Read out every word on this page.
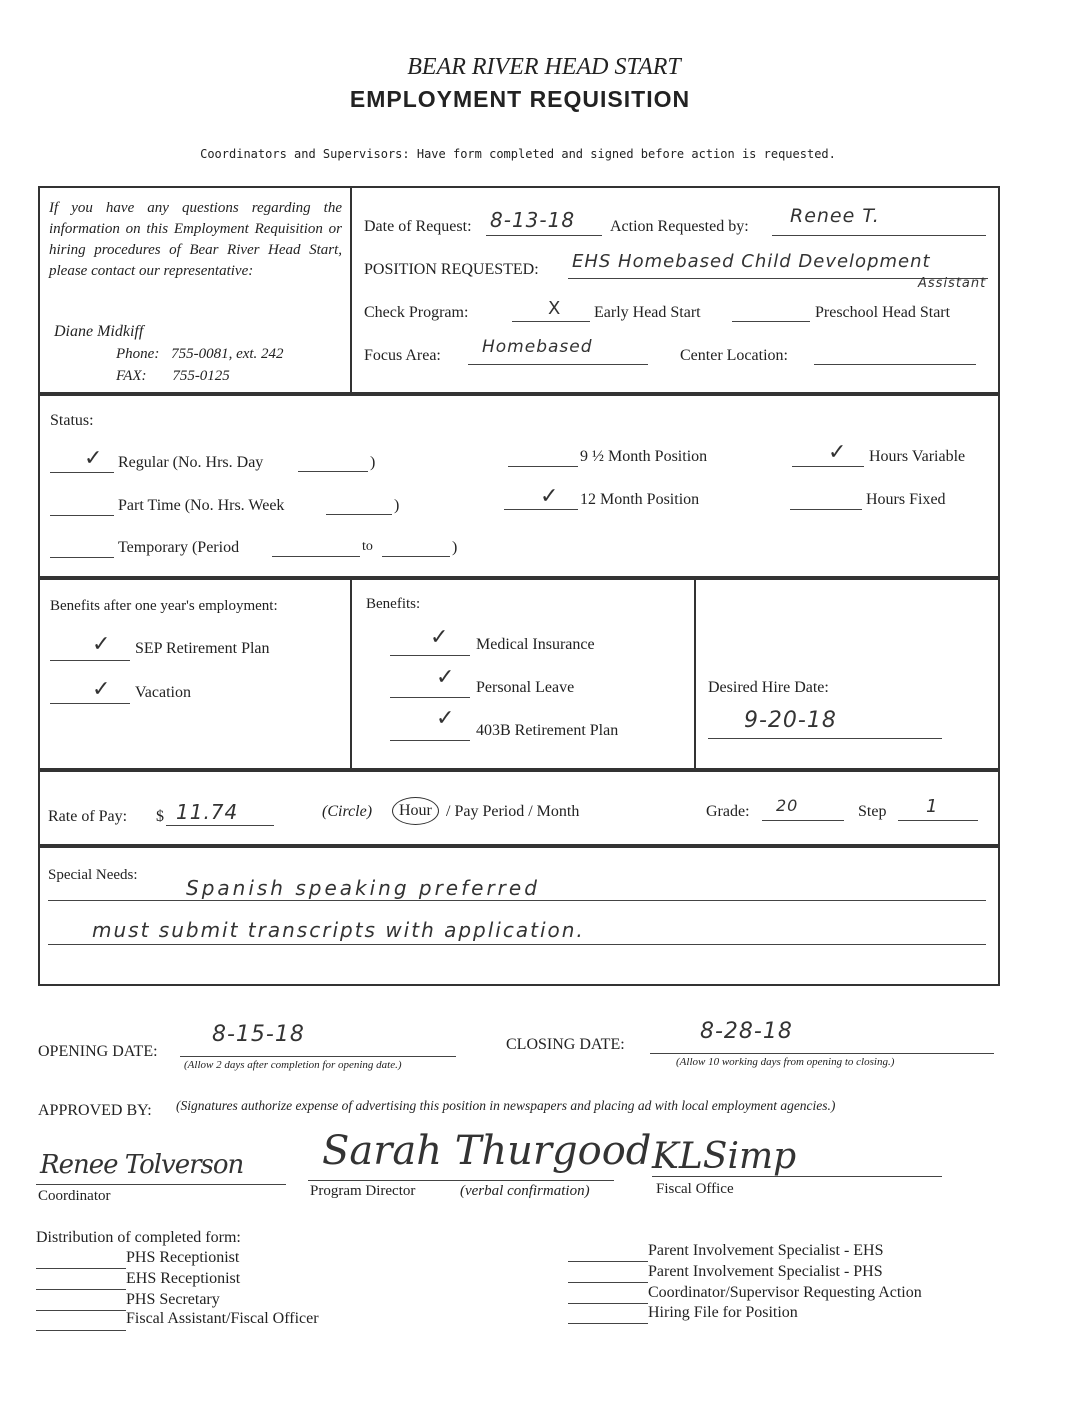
BEAR RIVER HEAD START
EMPLOYMENT REQUISITION
Coordinators and Supervisors: Have form completed and signed before action is requested.
If you have any questions regarding the information on this Employment Requisition or hiring procedures of Bear River Head Start, please contact our representative:
Diane Midkiff
Phone: 755-0081, ext. 242
FAX: 755-0125
Date of Request: 8-13-18 Action Requested by: Renee T.
POSITION REQUESTED: EHS Homebased Child Development
Assistant
Check Program:	X Early Head Start	Preschool Head Start
Focus Area: Homebased	Center Location:
Status:
✓ Regular (No. Hrs. Day	)
Part Time (No. Hrs. Week	)
Temporary (Period	to	)
9 ½ Month Position
✓ 12 Month Position
✓ Hours Variable
Hours Fixed
Benefits after one year's employment:
✓ SEP Retirement Plan
✓ Vacation
Benefits:
✓ Medical Insurance
✓ Personal Leave
✓ 403B Retirement Plan
Desired Hire Date:
9-20-18
Rate of Pay: $ 11.74	(Circle)	Hour / Pay Period / Month	Grade: 20	Step 1
Special Needs:
Spanish speaking preferred
must submit transcripts with application.
OPENING DATE:
8-15-18
(Allow 2 days after completion for opening date.)
CLOSING DATE:
8-28-18
(Allow 10 working days from opening to closing.)
APPROVED BY: (Signatures authorize expense of advertising this position in newspapers and placing ad with local employment agencies.)
Renee Tolverson
Coordinator
Sarah Thurgood
Program Director	(verbal confirmation)
KLSimp
Fiscal Office
Distribution of completed form:
PHS Receptionist
EHS Receptionist
PHS Secretary
Fiscal Assistant/Fiscal Officer
Parent Involvement Specialist - EHS
Parent Involvement Specialist - PHS
Coordinator/Supervisor Requesting Action
Hiring File for Position
